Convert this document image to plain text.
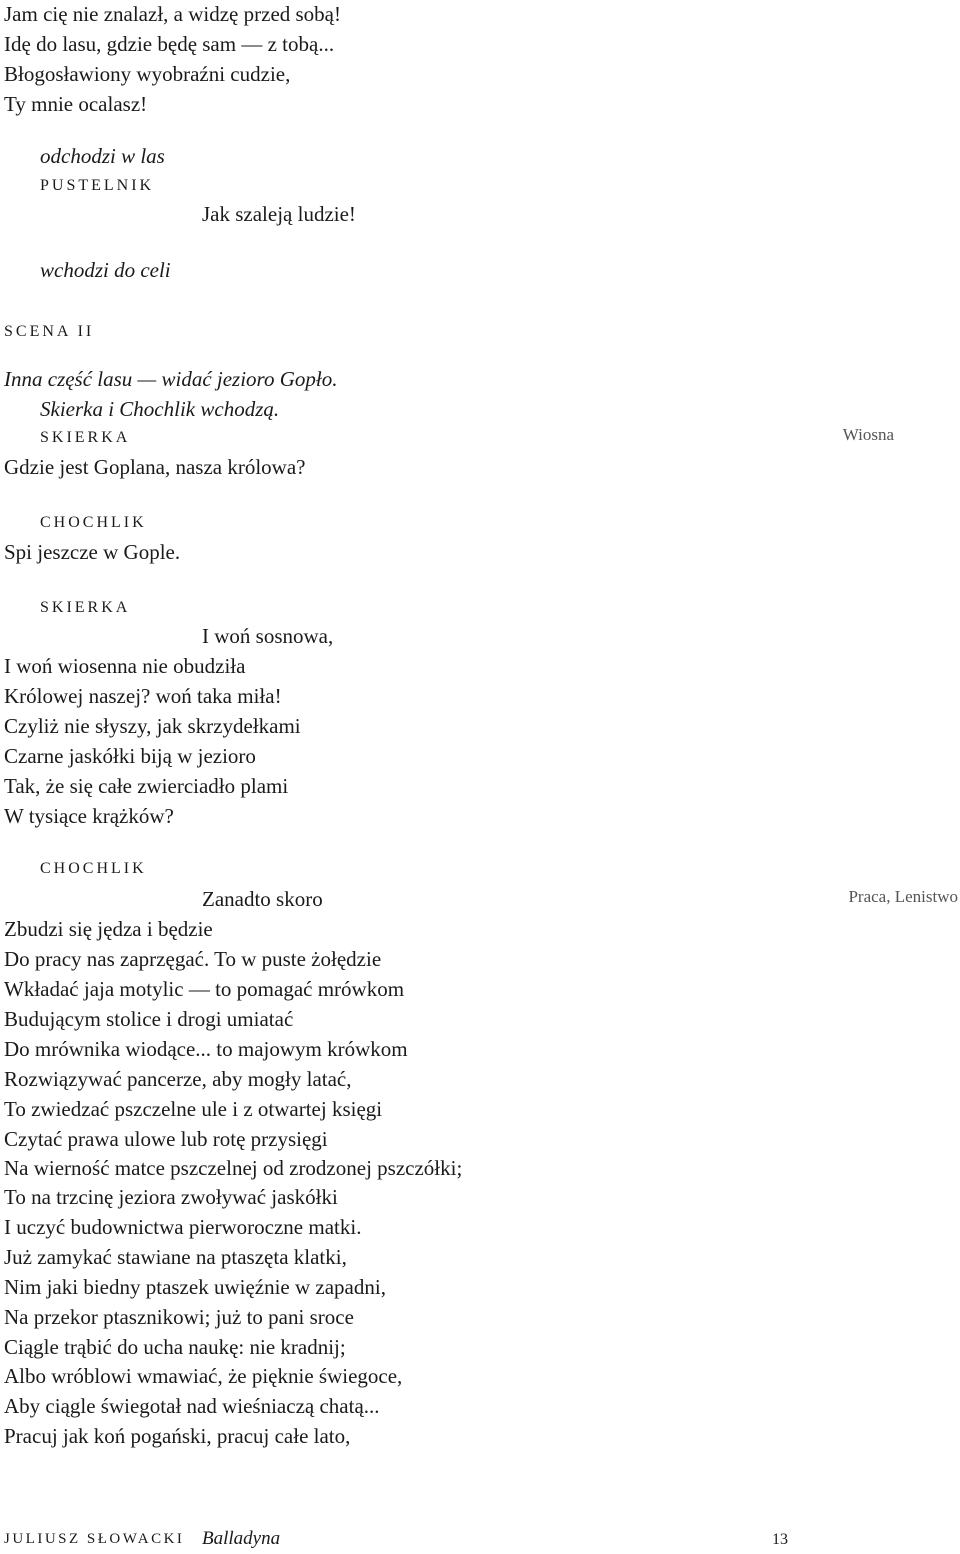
Jam cię nie znalazł, a widzę przed sobą!
Idę do lasu, gdzie będę sam — z tobą...
Błogosławiony wyobraźni cudzie,
Ty mnie ocalasz!
odchodzi w las
PUSTELNIK
Jak szaleją ludzie!
wchodzi do celi
SCENA II
Inna część lasu — widać jezioro Gopło.
Skierka i Chochlik wchodzą.
SKIERKA	Wiosna
Gdzie jest Goplana, nasza królowa?
CHOCHLIK
Spi jeszcze w Gople.
SKIERKA
I woń sosnowa,
I woń wiosenna nie obudziła
Królowej naszej? woń taka miła!
Czyliż nie słyszy, jak skrzydełkami
Czarne jaskółki biją w jezioro
Tak, że się całe zwierciadło plami
W tysiące krążków?
CHOCHLIK
Zanadto skoro	Praca, Lenistwo
Zbudzi się jędza i będzie
Do pracy nas zaprzęgać. To w puste żołędzie
Wkładać jaja motylic — to pomagać mrówkom
Budującym stolice i drogi umiatać
Do mrównika wiodące... to majowym krówkom
Rozwiązywać pancerze, aby mogły latać,
To zwiedzać pszczelne ule i z otwartej księgi
Czytać prawa ulowe lub rotę przysięgi
Na wierność matce pszczelnej od zrodzonej pszczółki;
To na trzcinę jeziora zwoływać jaskółki
I uczyć budownictwa pierworoczne matki.
Już zamykać stawiane na ptaszęta klatki,
Nim jaki biedny ptaszek uwięźnie w zapadni,
Na przekor ptasznikowi; już to pani sroce
Ciągle trąbić do ucha naukę: nie kradnij;
Albo wróblowi wmawiać, że pięknie świegoce,
Aby ciągle świegotał nad wieśniaczą chatą...
Pracuj jak koń pogański, pracuj całe lato,
JULIUSZ SŁOWACKI Balladyna	13
